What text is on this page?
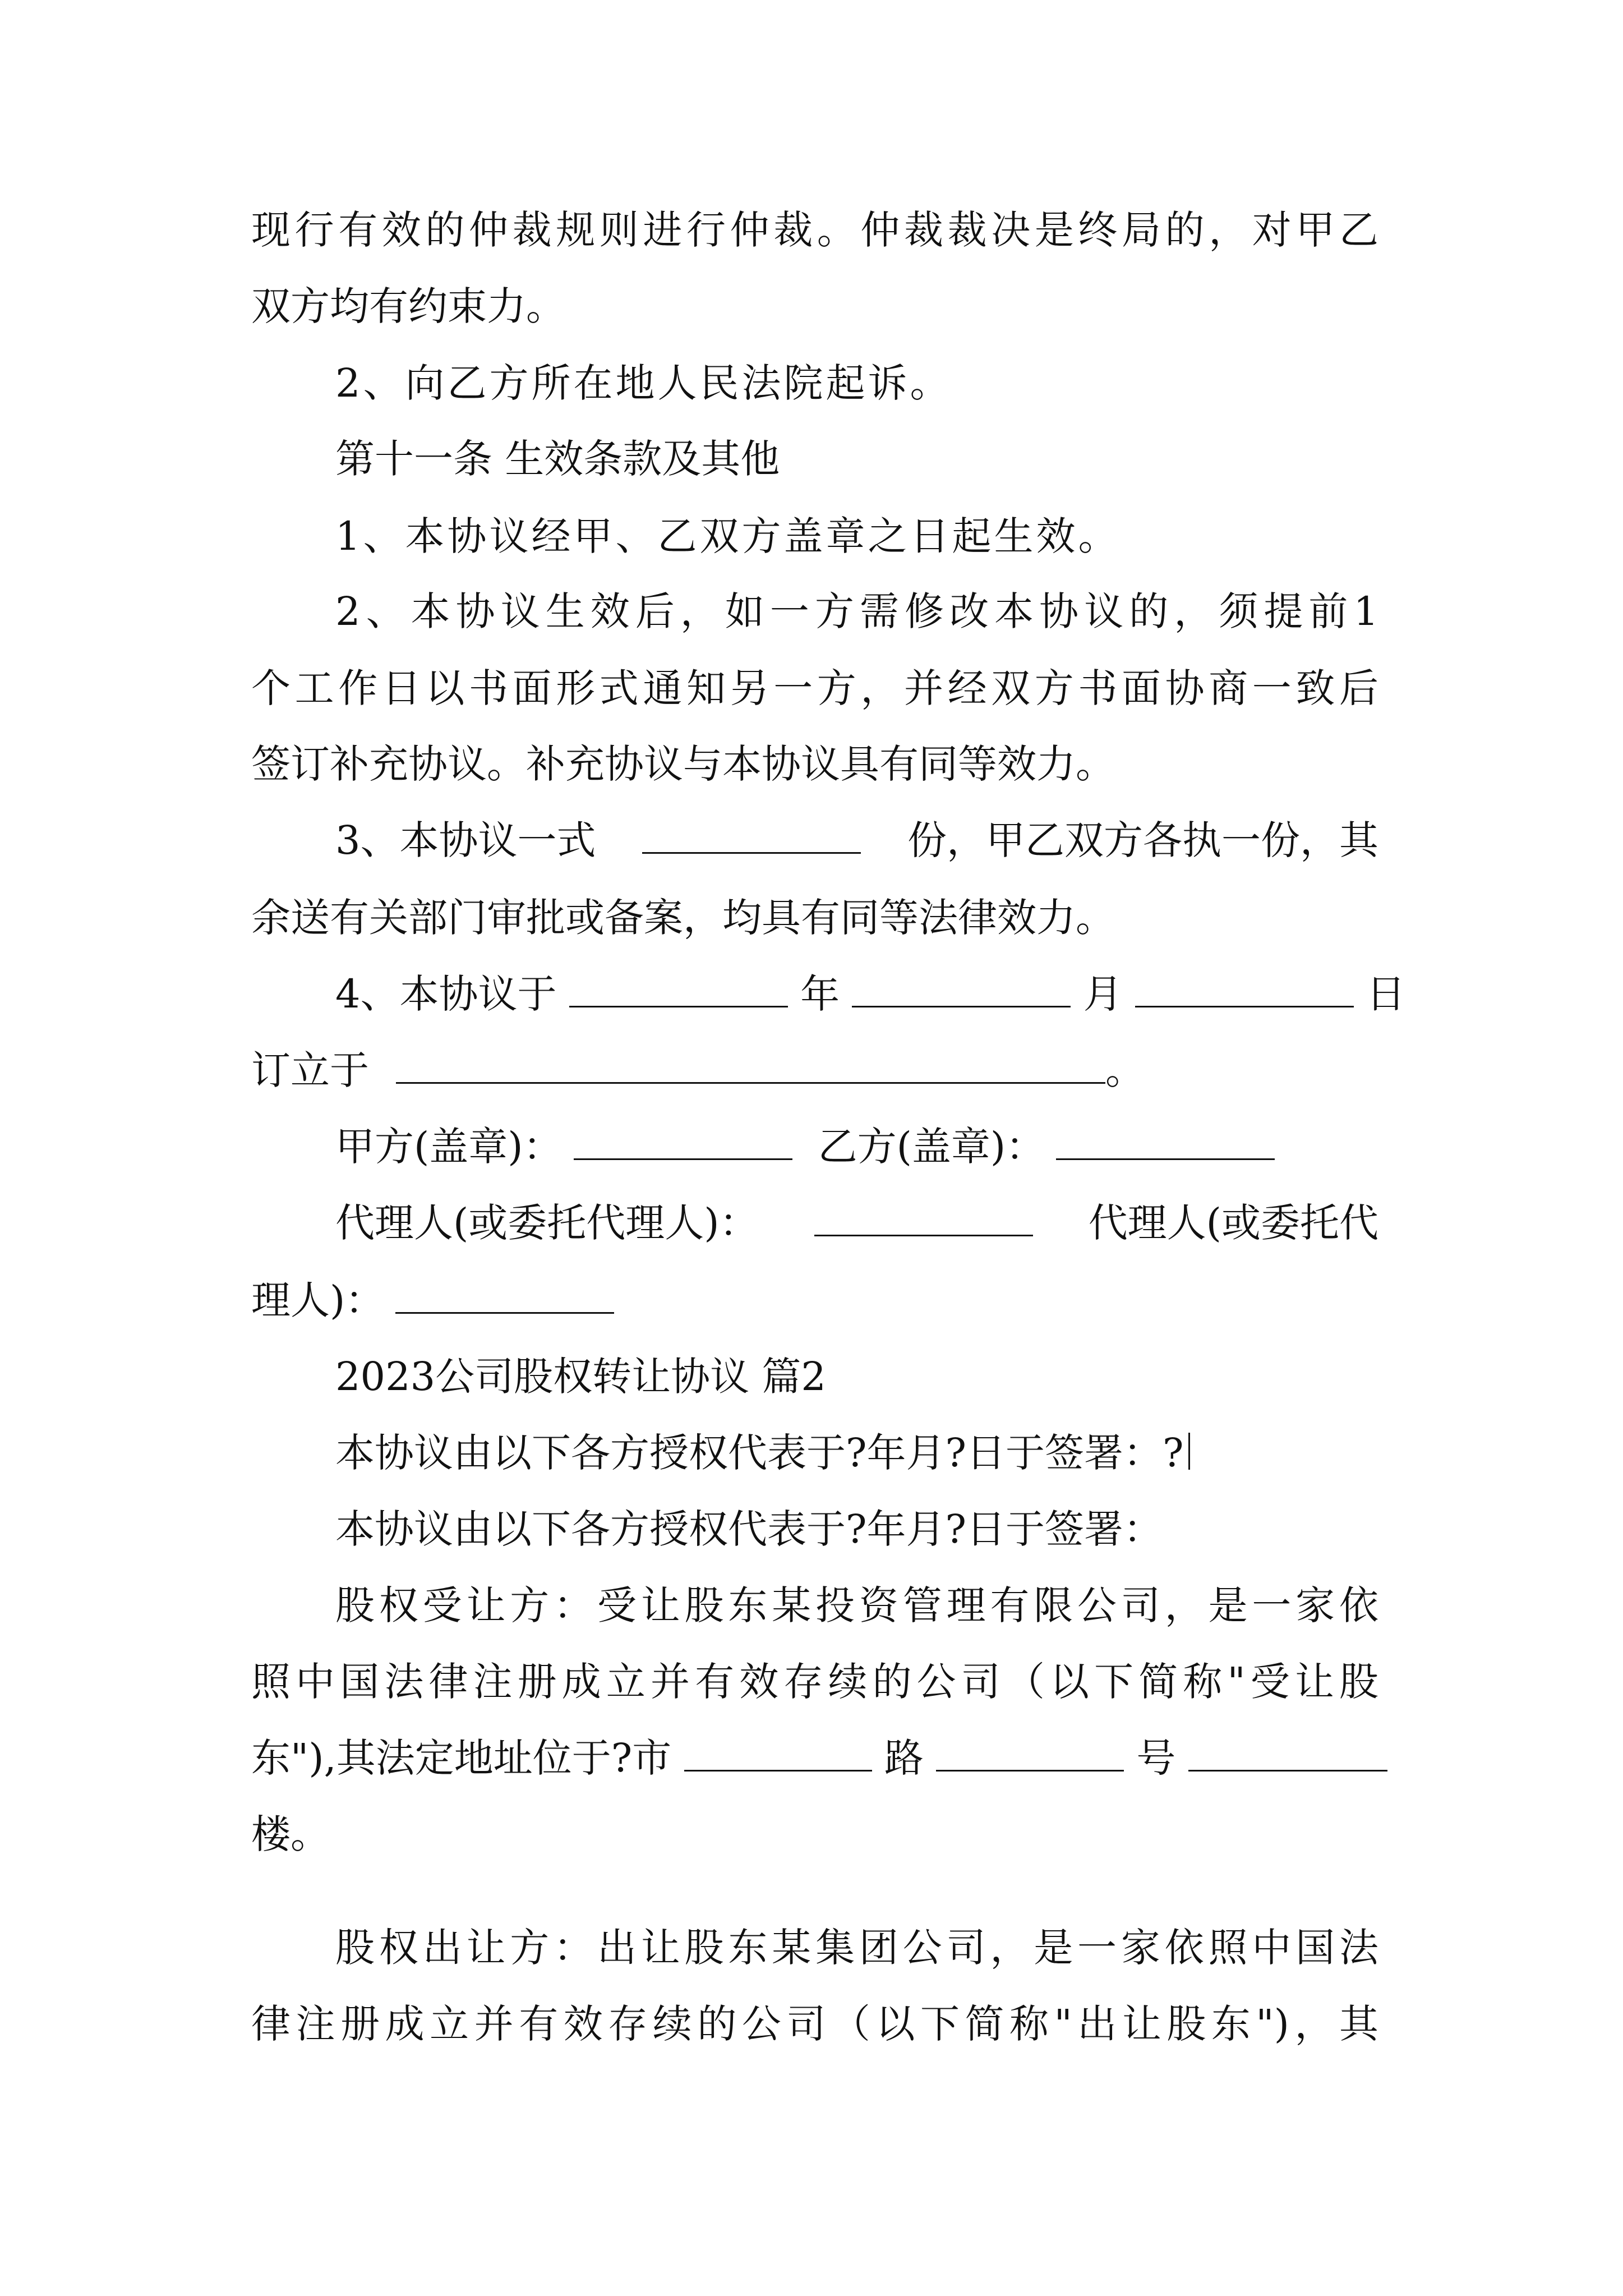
现行有效的仲裁规则进行仲裁。仲裁裁决是终局的，对甲乙
双方均有约束力。
2、向乙方所在地人民法院起诉。
第十一条 生效条款及其他
1、本协议经甲、乙双方盖章之日起生效。
2、本协议生效后，如一方需修改本协议的，须提前1
个工作日以书面形式通知另一方，并经双方书面协商一致后
签订补充协议。补充协议与本协议具有同等效力。
3、本协议一式	份，甲乙双方各执一份，其
余送有关部门审批或备案，均具有同等法律效力。
4、本协议于	年	月	日
订立于	。
甲方(盖章)：	乙方(盖章)：
代理人(或委托代理人)：	代理人(或委托代
理人)：
2023公司股权转让协议 篇2
本协议由以下各方授权代表于?年月?日于签署：?
本协议由以下各方授权代表于?年月?日于签署：
股权受让方：受让股东某投资管理有限公司，是一家依
照中国法律注册成立并有效存续的公司（以下简称"受让股
东"),其法定地址位于?市	路	号
楼。
股权出让方：出让股东某集团公司，是一家依照中国法
律注册成立并有效存续的公司（以下简称"出让股东")，其
